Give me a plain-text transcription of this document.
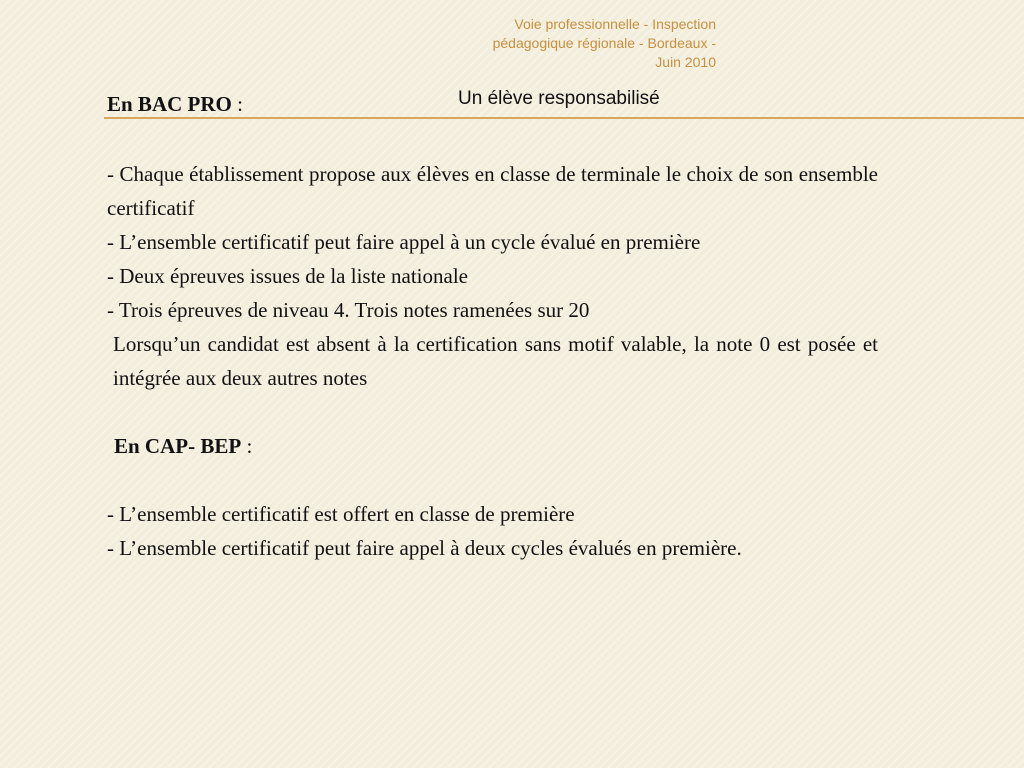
Voie professionnelle - Inspection
pédagogique régionale - Bordeaux -
Juin 2010
Un élève responsabilisé
En BAC PRO :

- Chaque établissement propose aux élèves en classe de terminale le choix de son ensemble certificatif

- L’ensemble certificatif peut faire appel à un cycle évalué en première

- Deux épreuves issues de la liste nationale

- Trois épreuves de niveau 4. Trois notes ramenées sur 20

Lorsqu’un candidat est absent à la certification sans motif valable, la note 0 est posée et intégrée aux deux autres notes

En CAP- BEP :

- L’ensemble certificatif est offert en classe de première

- L’ensemble certificatif peut faire appel à deux cycles évalués en première.
